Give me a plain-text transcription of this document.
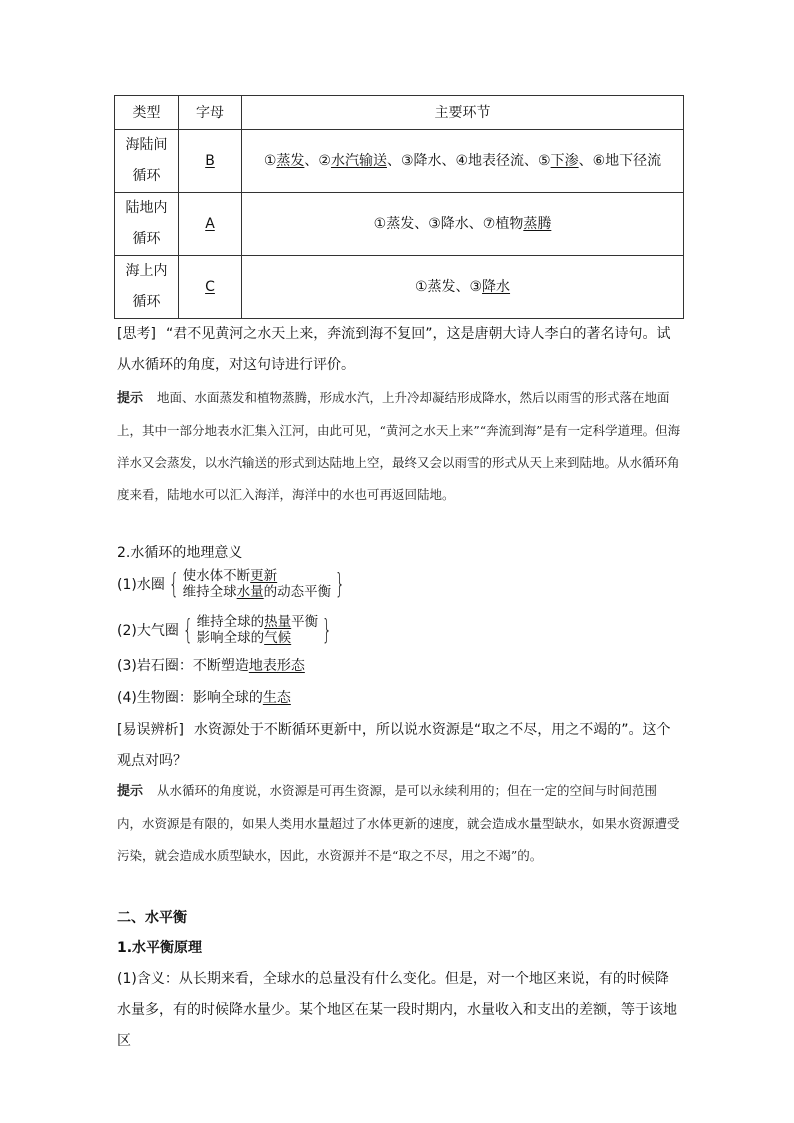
类型	字母	主要环节
海陆间循环	B	①蒸发、②水汽输送、③降水、④地表径流、⑤下渗、⑥地下径流
陆地内循环	A	①蒸发、③降水、⑦植物蒸腾
海上内循环	C	①蒸发、③降水
[思考] “君不见黄河之水天上来，奔流到海不复回”，这是唐朝大诗人李白的著名诗句。试从水循环的角度，对这句诗进行评价。
提示 地面、水面蒸发和植物蒸腾，形成水汽，上升冷却凝结形成降水，然后以雨雪的形式落在地面上，其中一部分地表水汇集入江河，由此可见，“黄河之水天上来”“奔流到海”是有一定科学道理。但海洋水又会蒸发，以水汽输送的形式到达陆地上空，最终又会以雨雪的形式从天上来到陆地。从水循环角度来看，陆地水可以汇入海洋，海洋中的水也可再返回陆地。
2.水循环的地理意义
(1)水圈 { 使水体不断更新
维持全球水量的动态平衡 }
(2)大气圈 { 维持全球的热量平衡
影响全球的气候	}
(3)岩石圈：不断塑造地表形态
(4)生物圈：影响全球的生态
[易误辨析] 水资源处于不断循环更新中，所以说水资源是“取之不尽，用之不竭的”。这个观点对吗？
提示 从水循环的角度说，水资源是可再生资源，是可以永续利用的；但在一定的空间与时间范围内，水资源是有限的，如果人类用水量超过了水体更新的速度，就会造成水量型缺水，如果水资源遭受污染，就会造成水质型缺水，因此，水资源并不是“取之不尽，用之不竭”的。
二、水平衡
1.水平衡原理
(1)含义：从长期来看，全球水的总量没有什么变化。但是，对一个地区来说，有的时候降水量多，有的时候降水量少。某个地区在某一段时期内，水量收入和支出的差额，等于该地区
